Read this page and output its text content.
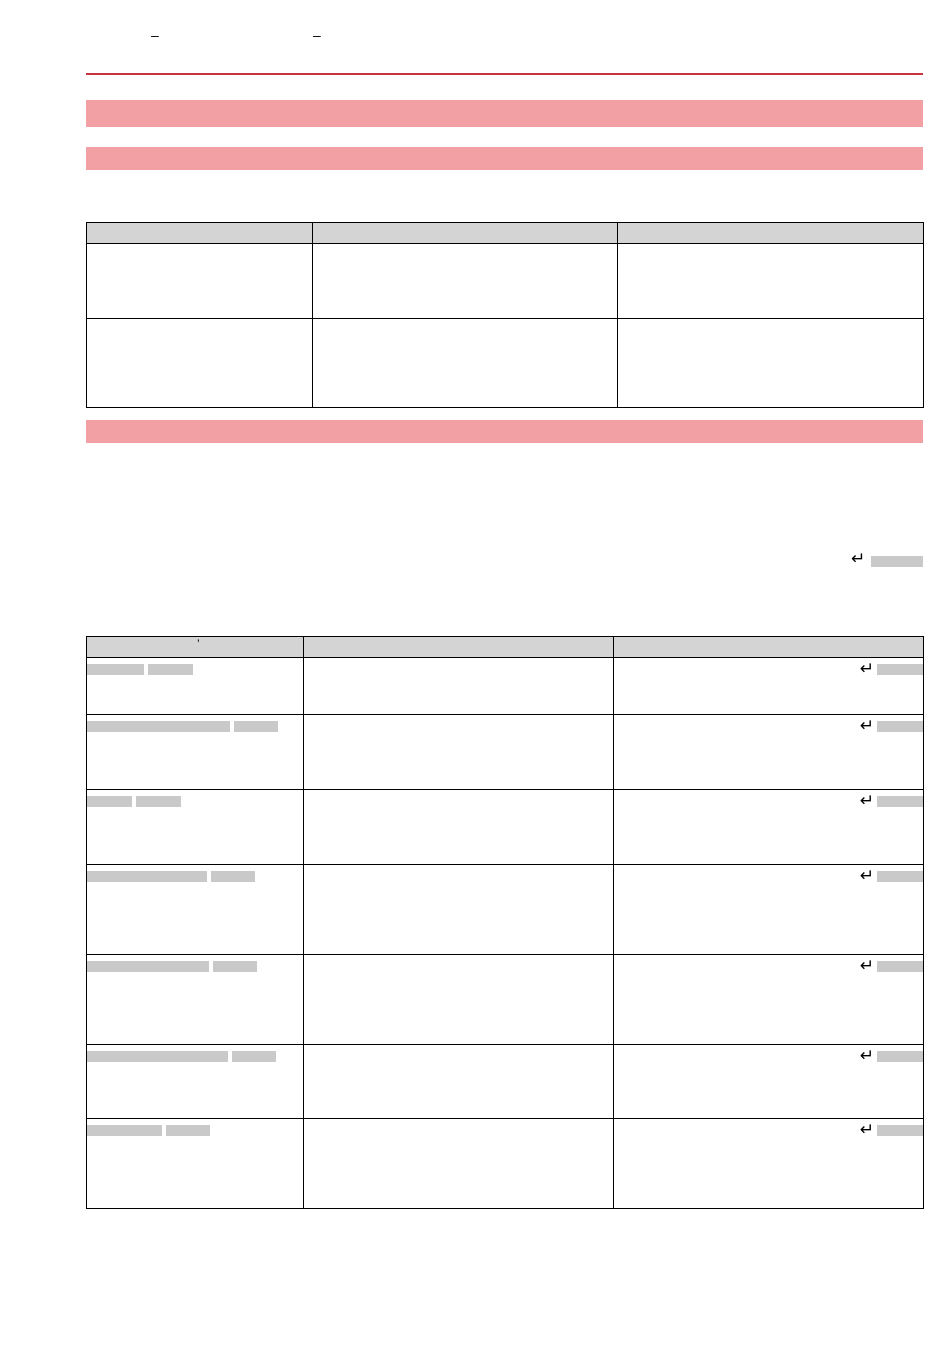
–	–

↵
’		
		↵
		↵
		↵
		↵
		↵
		↵
		↵
